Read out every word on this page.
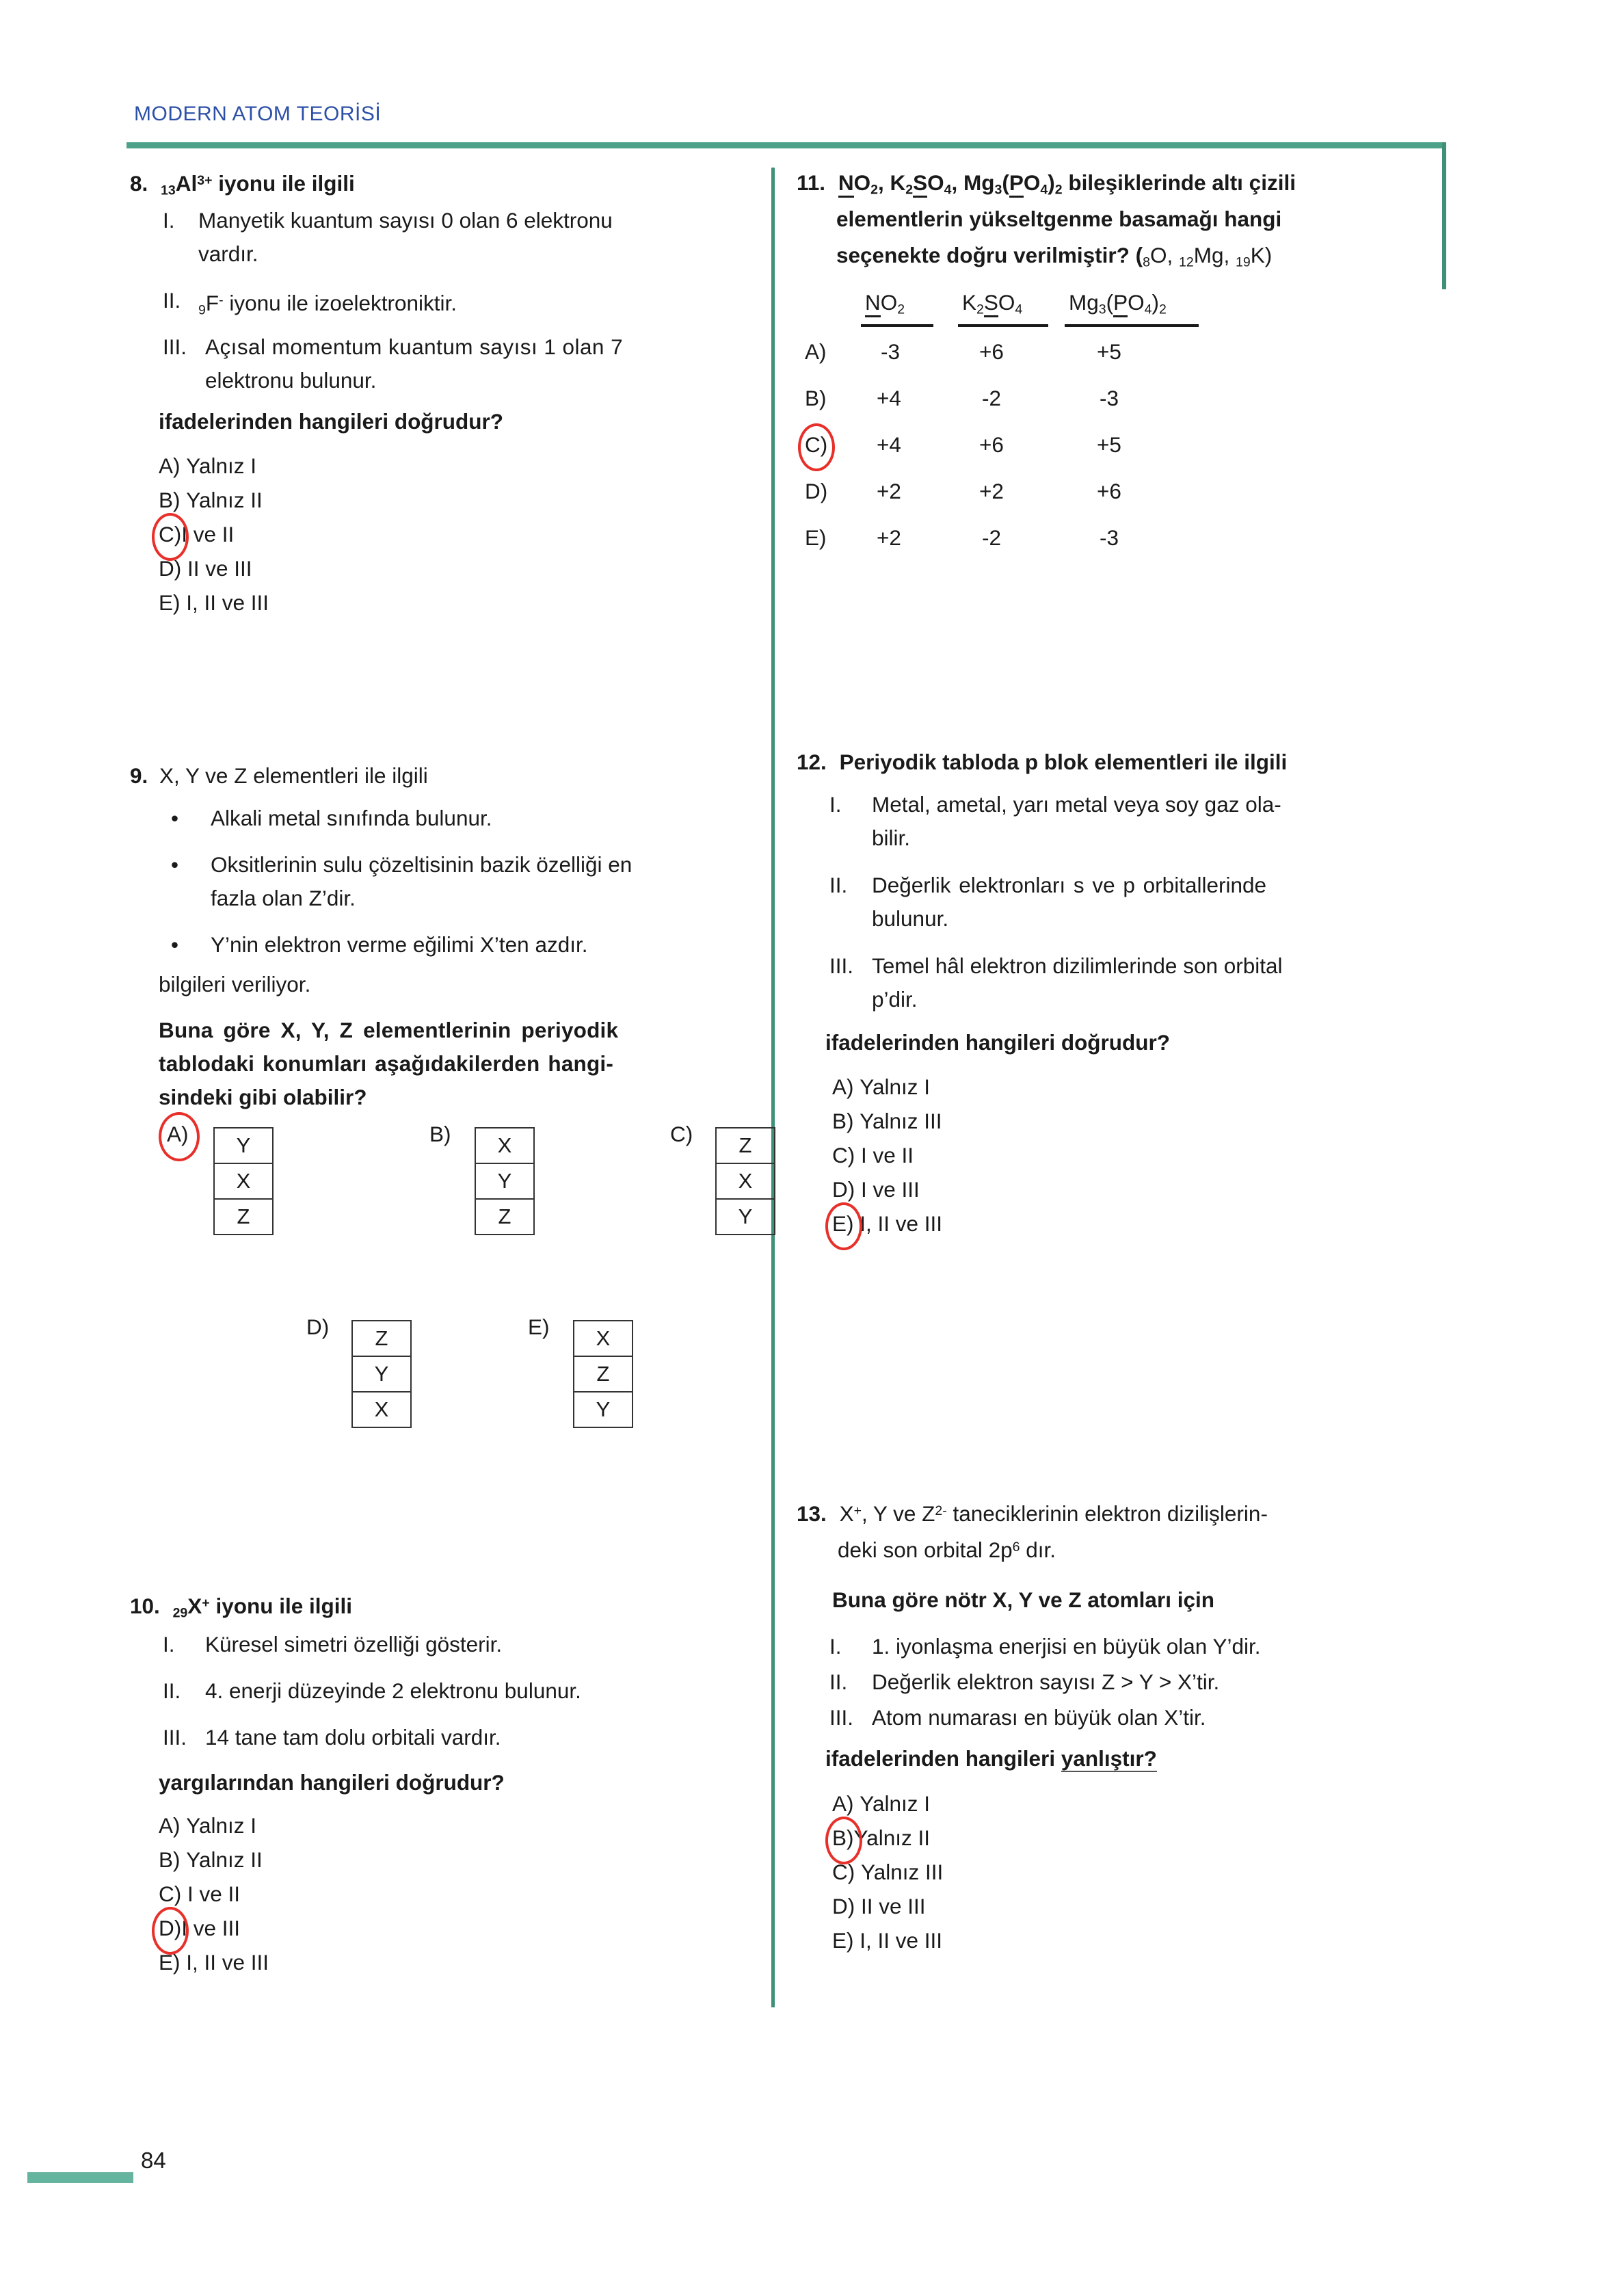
MODERN ATOM TEORİSİ
8. $13Al^{3+}$ iyonu ile ilgili
I. Manyetik kuantum sayısı 0 olan 6 elektronu
vardır.
II. 9F- iyonu ile izoelektroniktir.
III. Açısal momentum kuantum sayısı 1 olan 7
elektronu bulunur.
ifadelerinden hangileri doğrudur?
A) Yalnız I
B) Yalnız II
C)I ve II
D) II ve III
E) I, II ve III
9. X, Y ve Z elementleri ile ilgili
• Alkali metal sınıfında bulunur.
• Oksitlerinin sulu çözeltisinin bazik özelliği en
fazla olan Z’dir.
• Y’nin elektron verme eğilimi X’ten azdır.
bilgileri veriliyor.
Buna göre X, Y, Z elementlerinin periyodik
tablodaki konumları aşağıdakilerden hangi-
sindeki gibi olabilir?
A)	Y
X
Z
B)	X
Y
Z
C)	Z
X
Y
D)	Z
Y
X
E)	X
Z
Y
10. 29X+ iyonu ile ilgili
I. Küresel simetri özelliği gösterir.
II. 4. enerji düzeyinde 2 elektronu bulunur.
III. 14 tane tam dolu orbitali vardır.
yargılarından hangileri doğrudur?
A) Yalnız I
B) Yalnız II
C) I ve II
D)I ve III
E) I, II ve III
11. $NO_2$, $K_2SO_4$, $Mg_3(PO_4)_2$ bileşiklerinde altı çizili
elementlerin yükseltgenme basamağı hangi
seçenekte doğru verilmiştir? (8O, 12Mg, 19K)
$NO_2$	$K_2SO_4$ $Mg_3(PO_4)_2$
A)	-3	+6	+5
B)	+4	-2	-3
C)	+4	+6	+5
D)	+2	+2	+6
E)	+2	-2	-3
12. Periyodik tabloda p blok elementleri ile ilgili
I. Metal, ametal, yarı metal veya soy gaz ola-
bilir.
II. Değerlik elektronları s ve p orbitallerinde
bulunur.
III. Temel hâl elektron dizilimlerinde son orbital
p’dir.
ifadelerinden hangileri doğrudur?
A) Yalnız I
B) Yalnız III
C) I ve II
D) I ve III
E) I, II ve III
13. X+, Y ve $Z^{2-}$ taneciklerinin elektron dizilişlerin-
deki son orbital $2p^6$ dır.
Buna göre nötr X, Y ve Z atomları için
I. 1. iyonlaşma enerjisi en büyük olan Y’dir.
II. Değerlik elektron sayısı Z > Y > X’tir.
III. Atom numarası en büyük olan X’tir.
ifadelerinden hangileri yanlıştır?
A) Yalnız I
B)Yalnız II
C) Yalnız III
D) II ve III
E) I, II ve III
84
